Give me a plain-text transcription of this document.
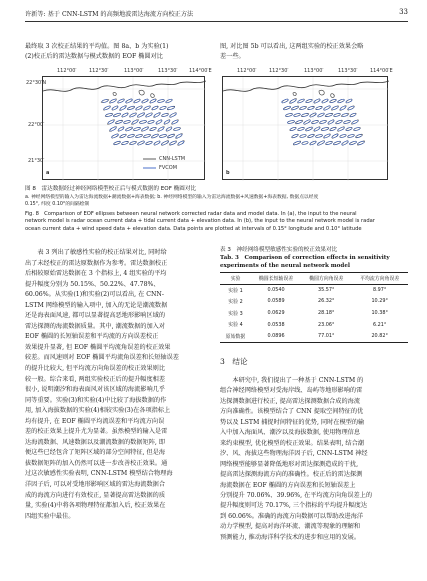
许新等: 基于 CNN-LSTM 的高频地波雷达海流方向校正方法	33
最终取 3 次校正结果的平均值。图 8a、b 为实验(1)
(2)校正后的雷达数据与模式数据的 EOF 椭圆对比
图, 对比图 5b 可以看出, 这两组实验的校正效果会略
差一些。
112°00′ 112°30′	113°00′	113°30′ 114°00′E
22°30′N
22°00′
21°30′
a
CNN-LSTM
FVCOM
112°00′ 112°30′	113°00′	113°30′ 114°00′E
b
图 8　雷达数据经过神经网络模型校正后与模式数据的 EOF 椭圆对比
a. 神经网络模型的输入为雷达海流数据+潮流数据+海表数据; b. 神经网络模型的输入为雷达海流数据+风速数据+海表数据, 数据点以经度
0.15°, 纬度 0.10°的间隔绘制
Fig. 8　Comparison of EOF ellipses between neural network corrected radar data and model data. In (a), the input to the neural
network model is radar ocean current data + tidal current data + elevation data. In (b), the input to the neural network model is radar
ocean current data + wind speed data + elevation data. Data points are plotted at intervals of 0.15° longitude and 0.10° latitude
　　表 3 列出了敏感性实验的校正结果对比, 同时给
出了未经校正的雷达原数据作为参考。雷达数据校正
后相较原始雷达数据在 3 个指标上, 4 组实验的平均
提升幅度分别为 50.15%、50.22%、47.78%、
60.06%。从实验(1)和实验(2)可以看出, 在 CNN-
LSTM 网络模型的输入项中, 加入的无论是潮流数据
还是海表面风速, 都可以显著提高恶地形影响区域的
雷达探测的海流数据质量。其中, 潮流数据的加入对
EOF 椭圆的长短轴误差和平均流的方向误差校正
效果提升显著, 但 EOF 椭圆平均流角误差的校正效果
较差。而风速则对 EOF 椭圆平均流角误差和长短轴误差
的提升比较大, 但平均流方向角误差的校正效果则比
较一般。综合来看, 两组实验校正后的提升幅度相差
很小, 说明潮汐和海表面风对该区域的海流影响几乎
同等重要。实验(3)和实验(4)中比较了海拔数据的作
用, 加入海拔数据的实验(4)相较实验(3)在各项指标上
均有提升, 在 EOF 椭圆平均流误差和平均流方向误
差的校正效果上提升尤为显著。虽然模型的输入是雷
达海流数据、风速数据以及潮流数据的数据矩阵, 即
便这些已经包含了矩阵区域的部分空间特征, 但是海
拔数据矩阵的加入仍然可以进一步改善校正效果。通
过这次敏感性实验表明, CNN-LSTM 模型结合物理海
洋因子后, 可以对受地形影响区域的雷达海流数据合
成的海流方向进行有效校正, 显著提高雷达数据的质
量, 实验(4)中将各项物理特征都加入后, 校正效果在
四组实验中最佳。
表 3　神经网络模型敏感性实验的校正效果对比
Tab. 3　Comparison of correction effects in sensitivity
experiments of the neural network model
实验	椭圆长短轴误差	椭圆方向角误差	平均流方向角误差
实验 1	0.0540	35.57°	8.97°
实验 2	0.0589	26.32°	10.29°
实验 3	0.0629	28.18°	10.38°
实验 4	0.0538	23.06°	6.21°
原始数据	0.0896	77.01°	20.82°
3　结论
　　本研究中, 我们提出了一种基于 CNN-LSTM 的
组合神经网络模型对受海岸线、岛屿等地形影响的雷
达探测数据进行校正, 提高雷达探测数据合成的海流
方向准确性。该模型结合了 CNN 提取空间特征的优
势以及 LSTM 捕捉时间特征的优势, 同时在模型的输
入中加入海面风、潮汐以及海拔数据, 使用物理信息
来约束模型, 优化模型的校正效果。结果表明, 结合潮
汐、风、海拔这些物理海洋因子后, CNN-LSTM 神经
网络模型能够显著降低地形对雷达探测造成的干扰,
提高雷达探测海流方向的准确性。校正后的雷达探测
海流数据在 EOF 椭圆的方向误差和长短轴误差上
分别提升 70.06%、39.96%, 在平均流方向角误差上的
提升幅度则可达 70.17%, 三个指标的平均提升幅度达
到 60.06%。准确的海流方向数据可以帮助改进海洋
动力学模型, 提高对海洋环流、潮流等现象的理解和
预测能力, 推动海洋科学技术的进步和应用的发展。
